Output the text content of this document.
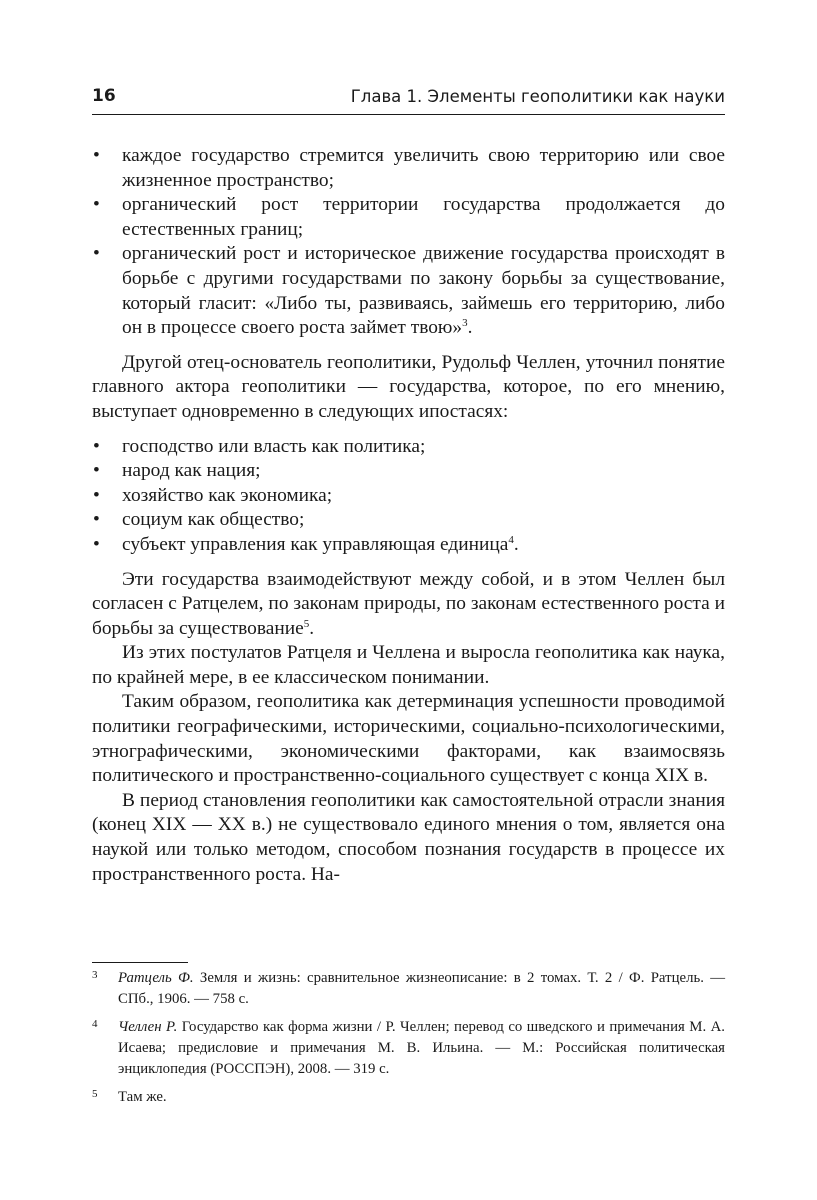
16	Глава 1. Элементы геополитики как науки
• каждое государство стремится увеличить свою территорию или свое жизненное пространство;
• органический рост территории государства продолжается до естественных границ;
• органический рост и историческое движение государства происходят в борьбе с другими государствами по закону борьбы за существование, который гласит: «Либо ты, развиваясь, займешь его территорию, либо он в процессе своего роста займет твою»$^3$.

Другой отец-основатель геополитики, Рудольф Челлен, уточнил понятие главного актора геополитики — государства, которое, по его мнению, выступает одновременно в следующих ипостасях:

• господство или власть как политика;
• народ как нация;
• хозяйство как экономика;
• социум как общество;
• субъект управления как управляющая единица$^4$.

Эти государства взаимодействуют между собой, и в этом Челлен был согласен с Ратцелем, по законам природы, по законам естественного роста и борьбы за существование$^5$.

Из этих постулатов Ратцеля и Челлена и выросла геополитика как наука, по крайней мере, в ее классическом понимании.

Таким образом, геополитика как детерминация успешности проводимой политики географическими, историческими, социально-психологическими, этнографическими, экономическими факторами, как взаимосвязь политического и пространственно-социального существует с конца XIX в.

В период становления геополитики как самостоятельной отрасли знания (конец XIX — XX в.) не существовало единого мнения о том, является она наукой или только методом, способом познания государств в процессе их пространственного роста. На-

3 Ратцель Ф. Земля и жизнь: сравнительное жизнеописание: в 2 томах. Т. 2 / Ф. Ратцель. — СПб., 1906. — 758 с.
4 Челлен Р. Государство как форма жизни / Р. Челлен; перевод со шведского и примечания М. А. Исаева; предисловие и примечания М. В. Ильина. — М.: Российская политическая энциклопедия (РОССПЭН), 2008. — 319 с.
5 Там же.
